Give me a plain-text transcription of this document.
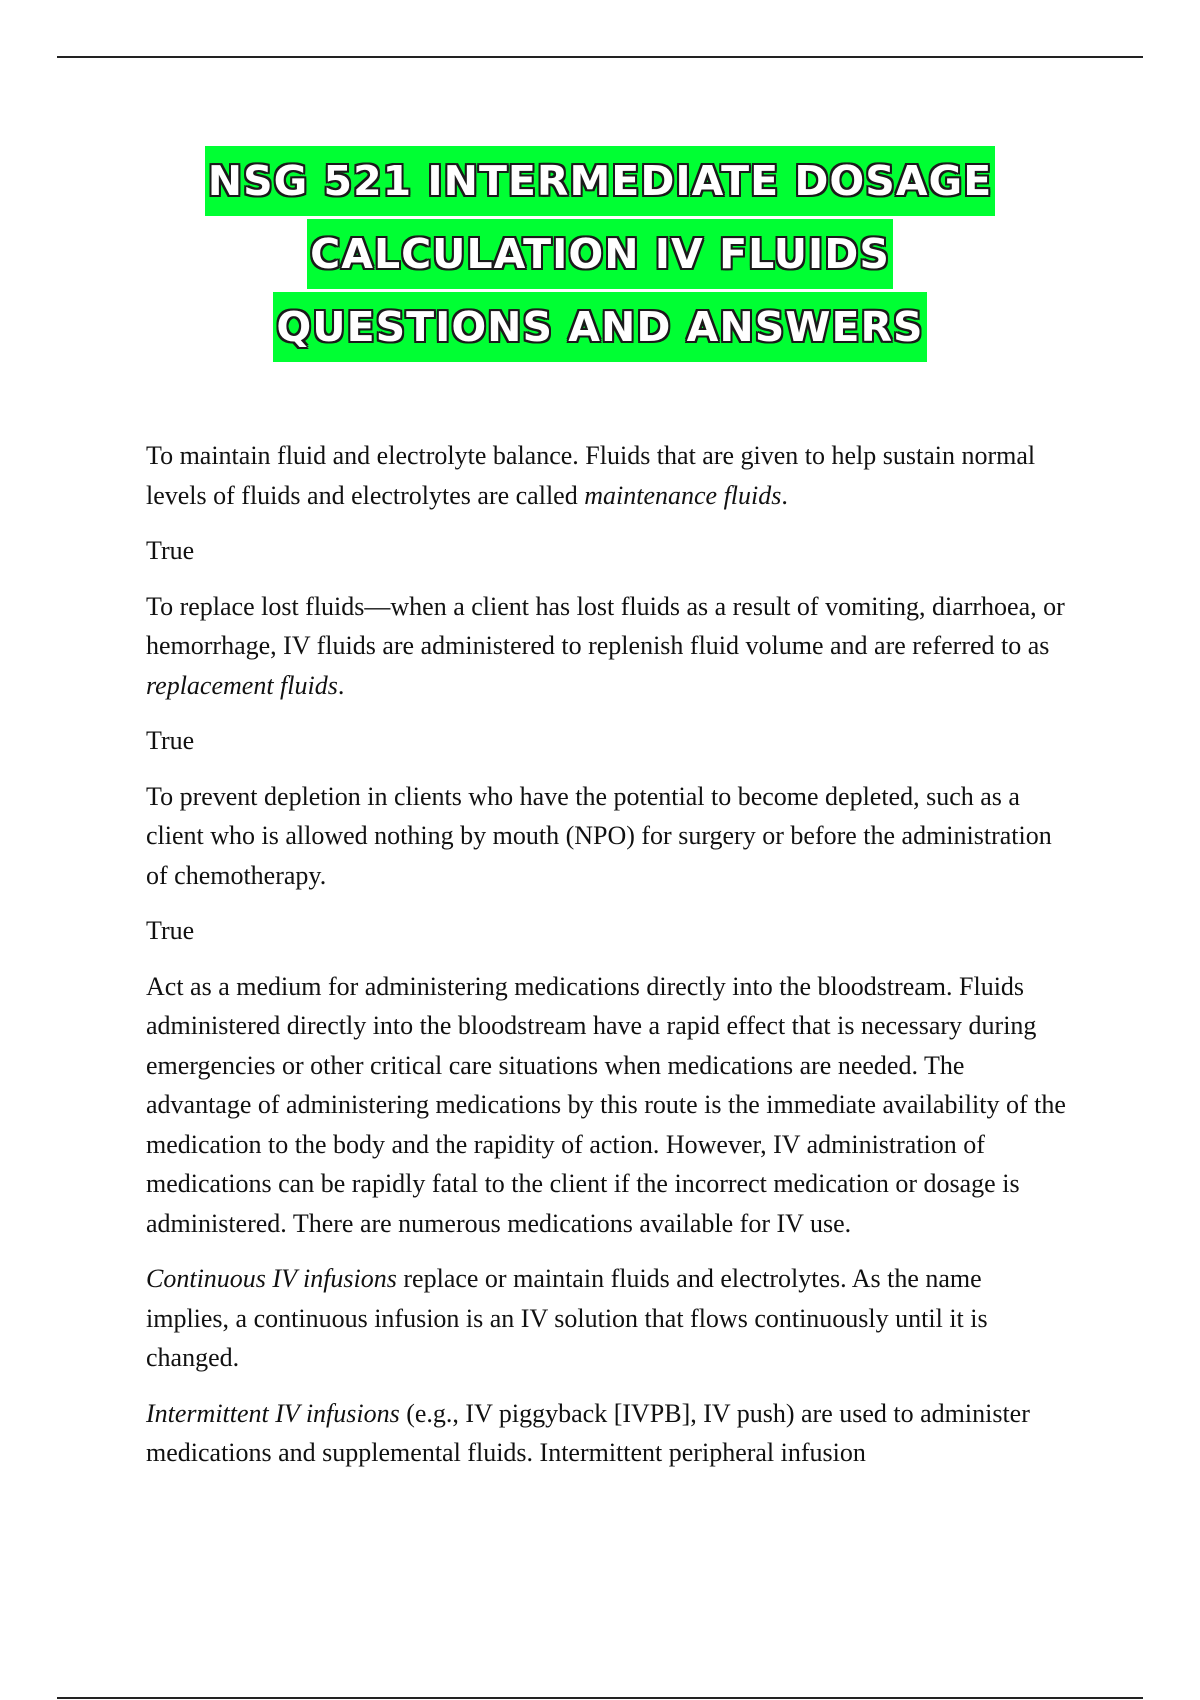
NSG 521 INTERMEDIATE DOSAGE
CALCULATION IV FLUIDS
QUESTIONS AND ANSWERS

To maintain fluid and electrolyte balance. Fluids that are given to help sustain normal levels of fluids and electrolytes are called maintenance fluids.

True

To replace lost fluids—when a client has lost fluids as a result of vomiting, diarrhoea, or hemorrhage, IV fluids are administered to replenish fluid volume and are referred to as replacement fluids.

True

To prevent depletion in clients who have the potential to become depleted, such as a client who is allowed nothing by mouth (NPO) for surgery or before the administration of chemotherapy.

True

Act as a medium for administering medications directly into the bloodstream. Fluids administered directly into the bloodstream have a rapid effect that is necessary during emergencies or other critical care situations when medications are needed. The advantage of administering medications by this route is the immediate availability of the medication to the body and the rapidity of action. However, IV administration of medications can be rapidly fatal to the client if the incorrect medication or dosage is administered. There are numerous medications available for IV use.

Continuous IV infusions replace or maintain fluids and electrolytes. As the name implies, a continuous infusion is an IV solution that flows continuously until it is changed.

Intermittent IV infusions (e.g., IV piggyback [IVPB], IV push) are used to administer medications and supplemental fluids. Intermittent peripheral infusion
